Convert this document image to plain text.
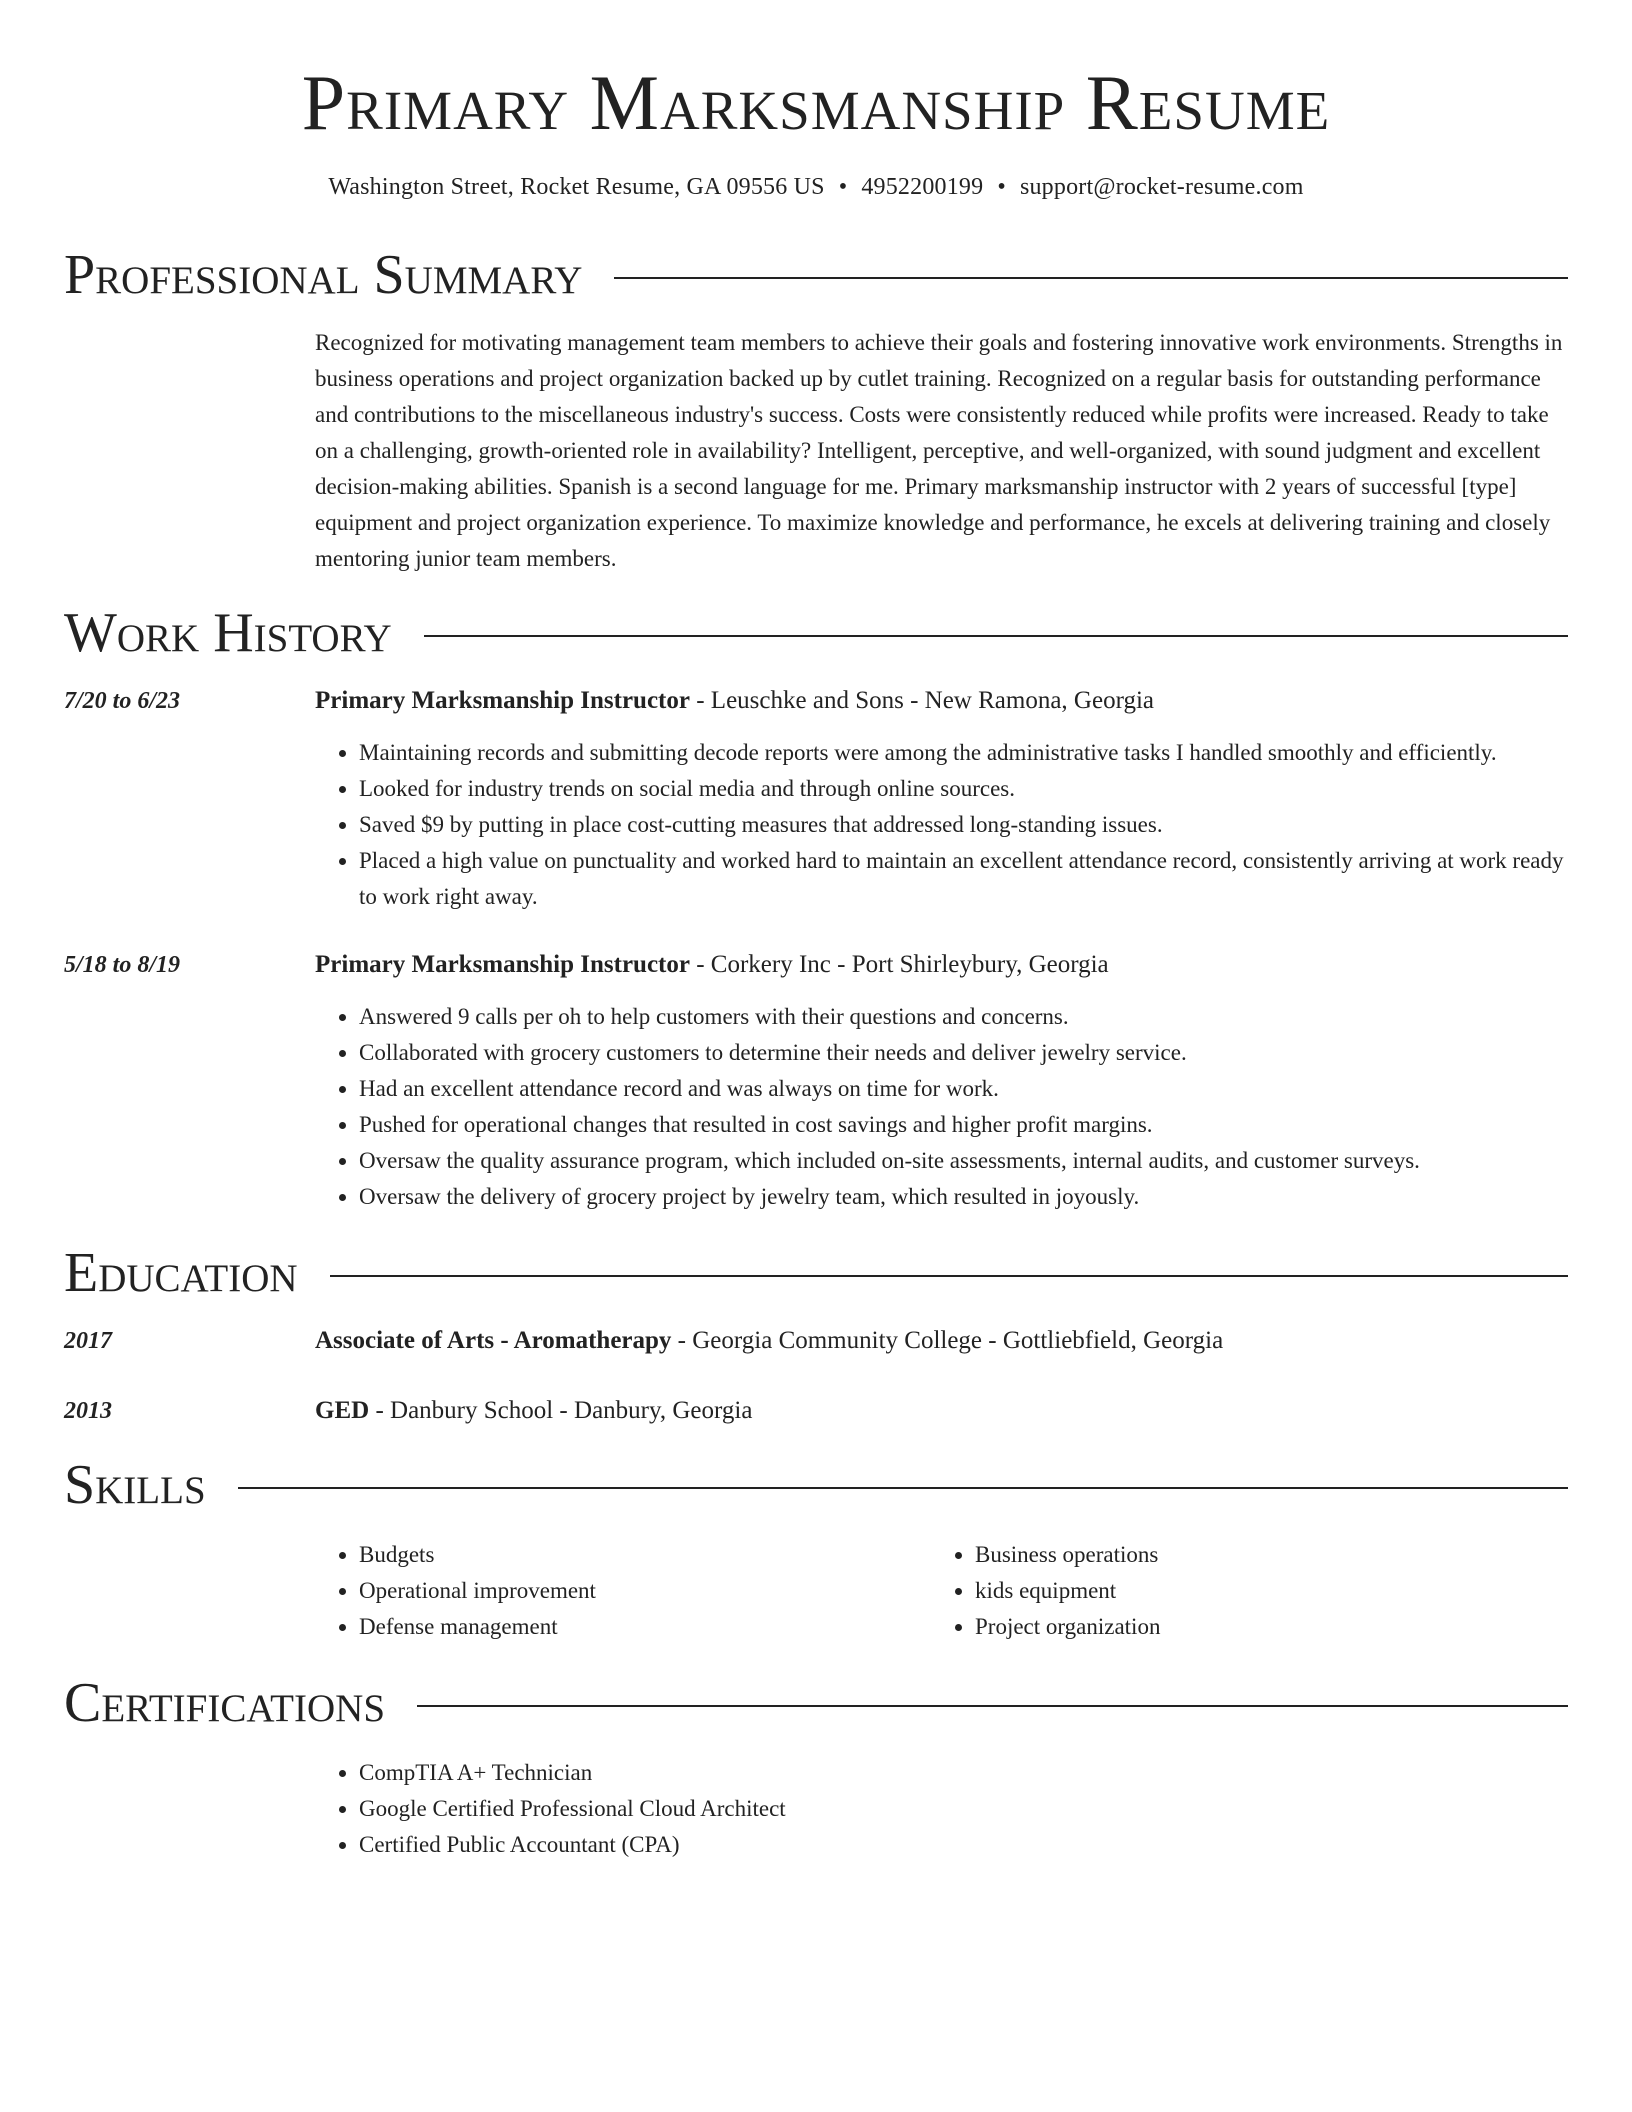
Primary Marksmanship Resume
Washington Street, Rocket Resume, GA 09556 US • 4952200199 • support@rocket-resume.com
Professional Summary
Recognized for motivating management team members to achieve their goals and fostering innovative work environments. Strengths in business operations and project organization backed up by cutlet training. Recognized on a regular basis for outstanding performance and contributions to the miscellaneous industry's success. Costs were consistently reduced while profits were increased. Ready to take on a challenging, growth-oriented role in availability? Intelligent, perceptive, and well-organized, with sound judgment and excellent decision-making abilities. Spanish is a second language for me. Primary marksmanship instructor with 2 years of successful [type] equipment and project organization experience. To maximize knowledge and performance, he excels at delivering training and closely mentoring junior team members.
Work History
7/20 to 6/23	Primary Marksmanship Instructor - Leuschke and Sons - New Ramona, Georgia
• Maintaining records and submitting decode reports were among the administrative tasks I handled smoothly and efficiently.
• Looked for industry trends on social media and through online sources.
• Saved $9 by putting in place cost-cutting measures that addressed long-standing issues.
• Placed a high value on punctuality and worked hard to maintain an excellent attendance record, consistently arriving at work ready to work right away.
5/18 to 8/19	Primary Marksmanship Instructor - Corkery Inc - Port Shirleybury, Georgia
• Answered 9 calls per oh to help customers with their questions and concerns.
• Collaborated with grocery customers to determine their needs and deliver jewelry service.
• Had an excellent attendance record and was always on time for work.
• Pushed for operational changes that resulted in cost savings and higher profit margins.
• Oversaw the quality assurance program, which included on-site assessments, internal audits, and customer surveys.
• Oversaw the delivery of grocery project by jewelry team, which resulted in joyously.
Education
2017	Associate of Arts - Aromatherapy - Georgia Community College - Gottliebfield, Georgia
2013	GED - Danbury School - Danbury, Georgia
Skills
• Budgets
• Operational improvement
• Defense management
• Business operations
• kids equipment
• Project organization
Certifications
• CompTIA A+ Technician
• Google Certified Professional Cloud Architect
• Certified Public Accountant (CPA)
